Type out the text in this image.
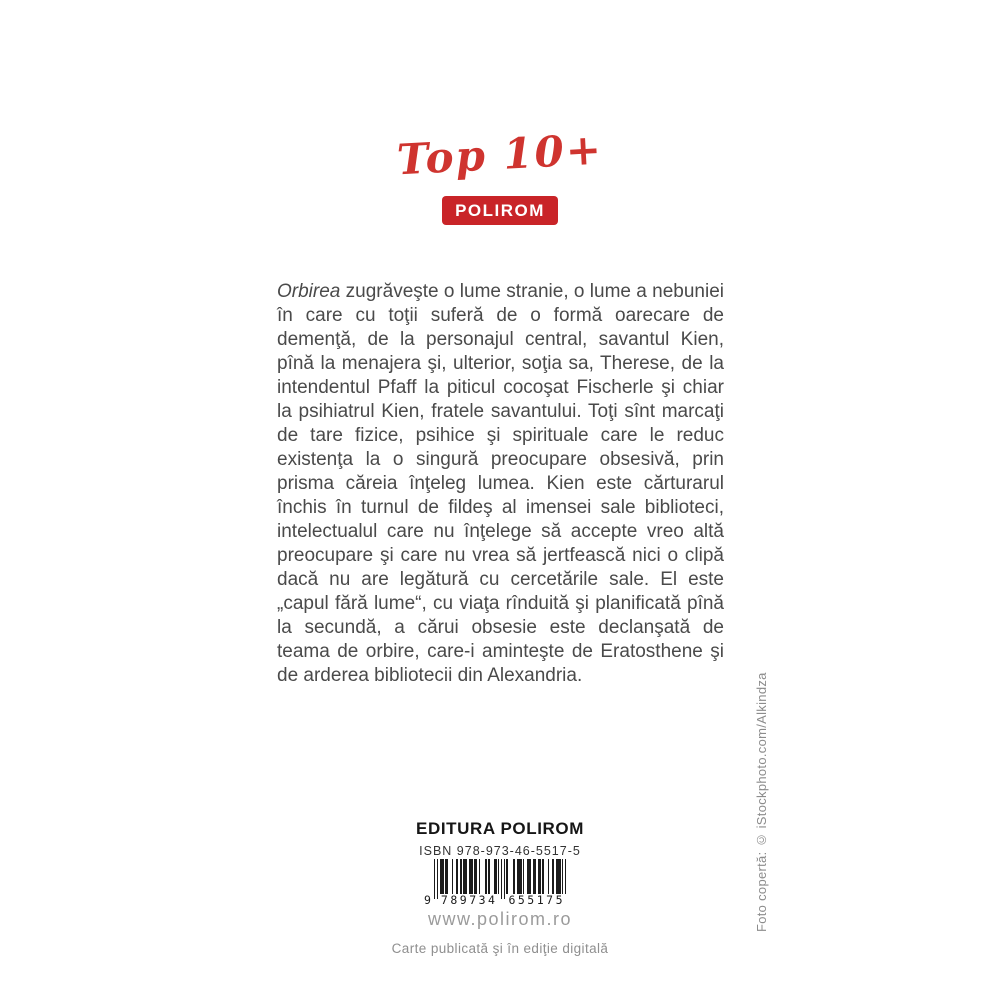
Top 10+
POLIROM

Orbirea zugrăveşte o lume stranie, o lume a nebuniei în care cu toţii suferă de o formă oarecare de demenţă, de la personajul central, savantul Kien, pînă la menajera şi, ulterior, soţia sa, Therese, de la intendentul Pfaff la piticul cocoşat Fischerle şi chiar la psihiatrul Kien, fratele savantului. Toţi sînt marcaţi de tare fizice, psihice şi spirituale care le reduc existenţa la o singură preocupare obsesivă, prin prisma căreia înţeleg lumea. Kien este cărturarul închis în turnul de fildeş al imensei sale biblioteci, intelectualul care nu înţelege să accepte vreo altă preocupare şi care nu vrea să jertfească nici o clipă dacă nu are legătură cu cercetările sale. El este „capul fără lume“, cu viaţa rînduită şi planificată pînă la secundă, a cărui obsesie este declanşată de teama de orbire, care-i aminteşte de Eratosthene şi de arderea bibliotecii din Alexandria.	Foto copertă: © iStockphoto.com/Alkindza
EDITURA POLIROM
ISBN 978-973-46-5517-5
9 789734 655175
www.polirom.ro
Carte publicată şi în ediţie digitală
